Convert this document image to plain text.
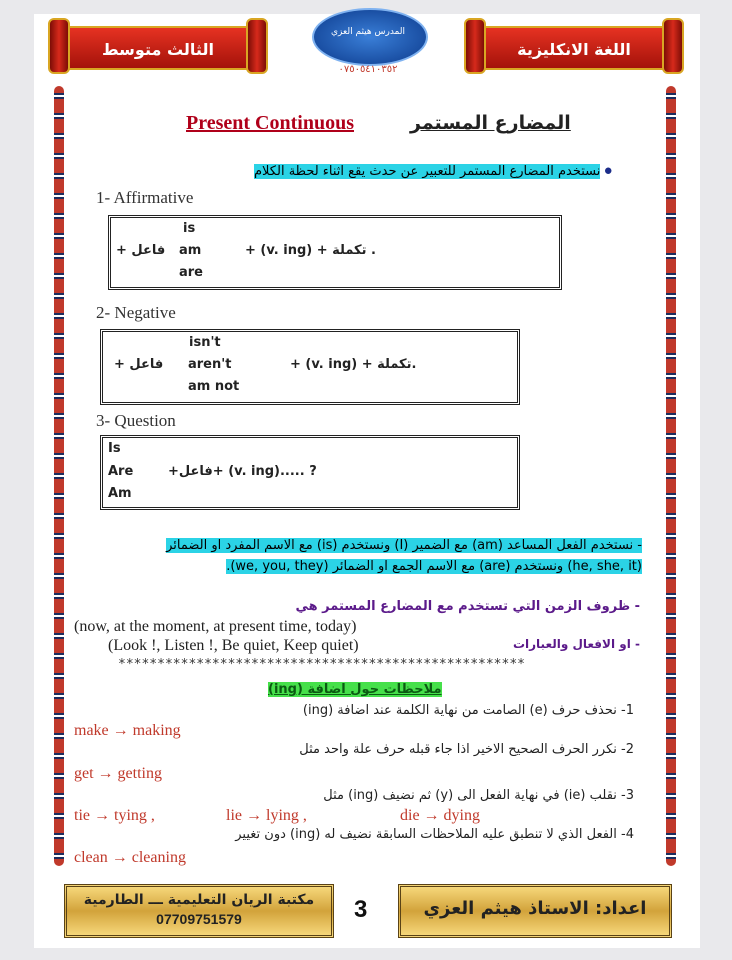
الثالث متوسط	اللغة الانكليزية
المدرس هيثم العزي
٠٧٥٠٥٤١٠٣٥٢
Present Continuous	المضارع المستمر
نستخدم المضارع المستمر للتعبير عن حدث يقع اثناء لحظة الكلام ●
1- Affirmative
is
am
are
فاعل +	+ (v. ing) + تكملة .
2- Negative
isn't
aren't
am not
فاعل +	+ (v. ing) + تكملة.
3- Question
Is
Are
Am
+فاعل+ (v. ing)..... ?
- نستخدم الفعل المساعد (am) مع الضمير (I) ونستخدم (is) مع الاسم المفرد او الضمائر
(he, she, it) ونستخدم (are) مع الاسم الجمع او الضمائر (we, you, they).
- ظروف الزمن التي تستخدم مع المضارع المستمر هي
(now, at the moment, at present time, today)
- او الافعال والعبارات
(Look !, Listen !, Be quiet, Keep quiet)
****************************************************
ملاحظات حول اضافة (ing)
1- نحذف حرف (e) الصامت من نهاية الكلمة عند اضافة (ing)
make → making
2- نكرر الحرف الصحيح الاخير اذا جاء قبله حرف علة واحد مثل
get → getting
3- نقلب (ie) في نهاية الفعل الى (y) ثم نضيف (ing) مثل
tie → tying ,	lie → lying ,	die → dying
4- الفعل الذي لا تنطبق عليه الملاحظات السابقة نضيف له (ing) دون تغيير
clean → cleaning
مكتبة الريان التعليمية ـــ الطارمية
07709751579	3	اعداد: الاستاذ هيثم العزي
